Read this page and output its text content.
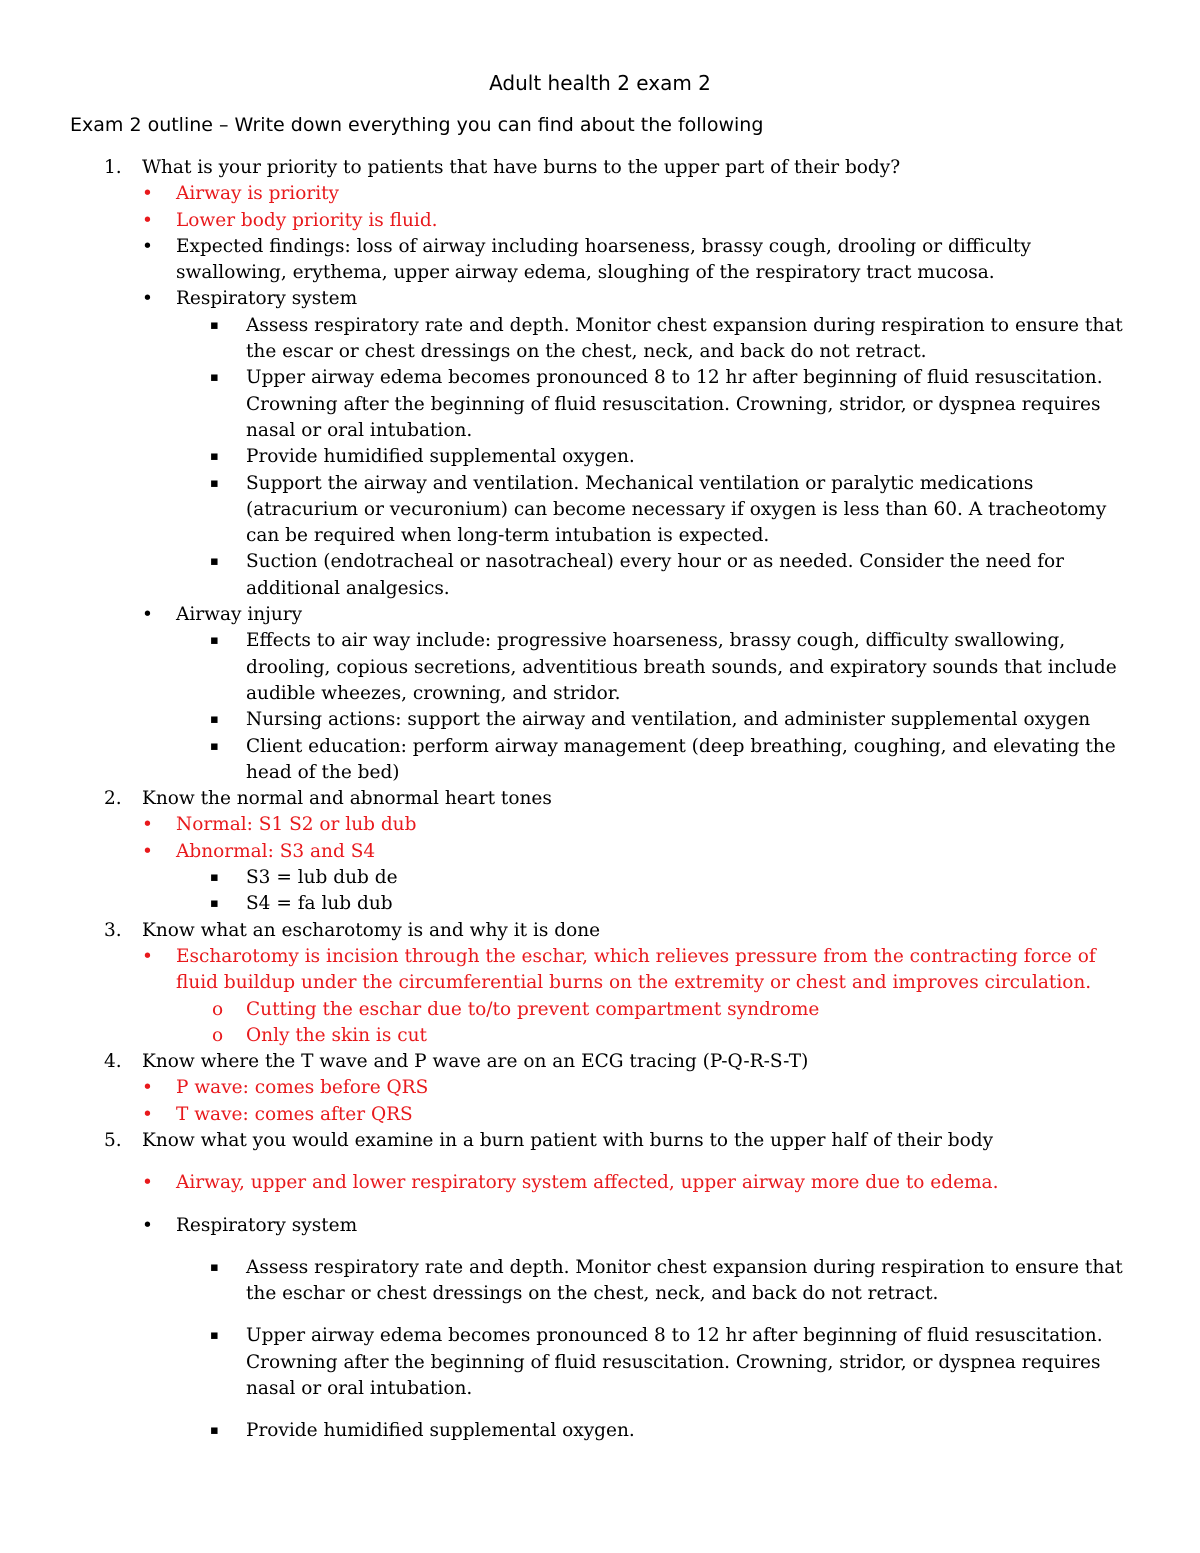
Adult health 2 exam 2
Exam 2 outline – Write down everything you can find about the following
1. What is your priority to patients that have burns to the upper part of their body?
• Airway is priority
• Lower body priority is fluid.
• Expected findings: loss of airway including hoarseness, brassy cough, drooling or difficulty swallowing, erythema, upper airway edema, sloughing of the respiratory tract mucosa.
• Respiratory system
▪ Assess respiratory rate and depth. Monitor chest expansion during respiration to ensure that the escar or chest dressings on the chest, neck, and back do not retract.
▪ Upper airway edema becomes pronounced 8 to 12 hr after beginning of fluid resuscitation. Crowning after the beginning of fluid resuscitation. Crowning, stridor, or dyspnea requires nasal or oral intubation.
▪ Provide humidified supplemental oxygen.
▪ Support the airway and ventilation. Mechanical ventilation or paralytic medications (atracurium or vecuronium) can become necessary if oxygen is less than 60. A tracheotomy can be required when long-term intubation is expected.
▪ Suction (endotracheal or nasotracheal) every hour or as needed. Consider the need for additional analgesics.
• Airway injury
▪ Effects to air way include: progressive hoarseness, brassy cough, difficulty swallowing, drooling, copious secretions, adventitious breath sounds, and expiratory sounds that include audible wheezes, crowning, and stridor.
▪ Nursing actions: support the airway and ventilation, and administer supplemental oxygen
▪ Client education: perform airway management (deep breathing, coughing, and elevating the head of the bed)
2. Know the normal and abnormal heart tones
• Normal: S1 S2 or lub dub
• Abnormal: S3 and S4
▪ S3 = lub dub de
▪ S4 = fa lub dub
3. Know what an escharotomy is and why it is done
• Escharotomy is incision through the eschar, which relieves pressure from the contracting force of fluid buildup under the circumferential burns on the extremity or chest and improves circulation.
o Cutting the eschar due to/to prevent compartment syndrome
o Only the skin is cut
4. Know where the T wave and P wave are on an ECG tracing (P-Q-R-S-T)
• P wave: comes before QRS
• T wave: comes after QRS
5. Know what you would examine in a burn patient with burns to the upper half of their body
• Airway, upper and lower respiratory system affected, upper airway more due to edema.
• Respiratory system
▪ Assess respiratory rate and depth. Monitor chest expansion during respiration to ensure that the eschar or chest dressings on the chest, neck, and back do not retract.
▪ Upper airway edema becomes pronounced 8 to 12 hr after beginning of fluid resuscitation. Crowning after the beginning of fluid resuscitation. Crowning, stridor, or dyspnea requires nasal or oral intubation.
▪ Provide humidified supplemental oxygen.
